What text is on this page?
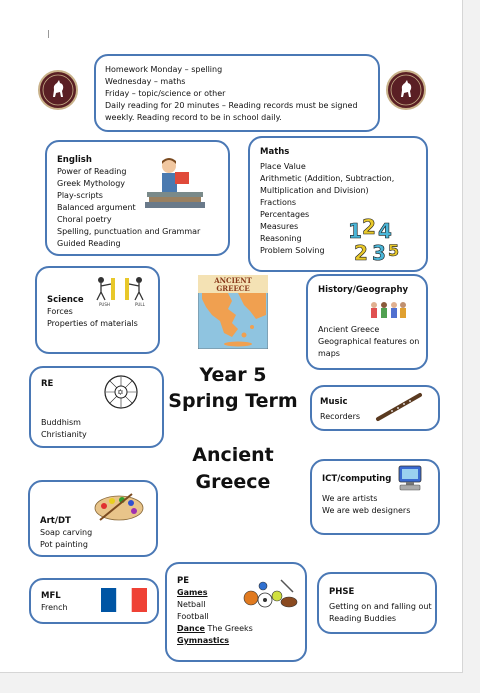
Homework Monday – spelling
Wednesday – maths
Friday – topic/science or other
Daily reading for 20 minutes – Reading records must be signed
weekly. Reading record to be in school daily.
English
Power of Reading
Greek Mythology
Play-scripts
Balanced argument
Choral poetry
Spelling, punctuation and Grammar
Guided Reading
Maths
Place Value
Arithmetic (Addition, Subtraction,
Multiplication and Division)
Fractions
Percentages
Measures
Reasoning
Problem Solving
1 2 4
2 3 5
Science
Forces
Properties of materials
PUSH	PULL
ANCIENT
GREECE	History/Geography
Ancient Greece
Geographical features on
maps
RE
Buddhism
Christianity
✡
Year 5
Spring Term
Ancient
Greece
Music
Recorders
ICT/computing
We are artists
We are web designers
Art/DT
Soap carving
Pot painting
MFL
French
PE
Games
Netball
Football
Dance The Greeks
Gymnastics
PHSE
Getting on and falling out
Reading Buddies
